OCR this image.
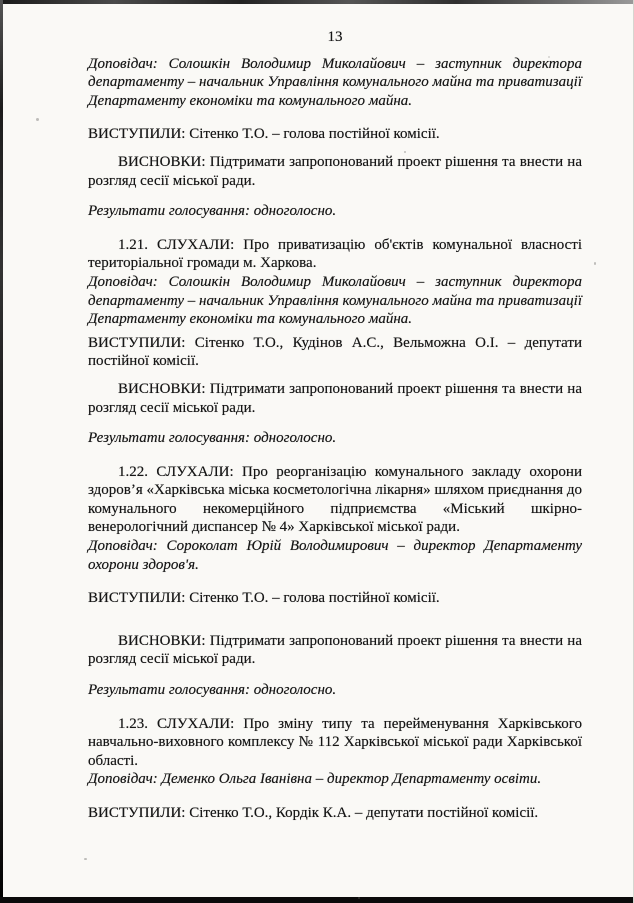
13

Доповідач: Солошкін Володимир Миколайович – заступник директора департаменту – начальник Управління комунального майна та приватизації Департаменту економіки та комунального майна.

ВИСТУПИЛИ: Сітенко Т.О. – голова постійної комісії.

ВИСНОВКИ: Підтримати запропонований проект рішення та внести на розгляд сесії міської ради.

Результати голосування: одноголосно.

1.21. СЛУХАЛИ: Про приватизацію об'єктів комунальної власності територіальної громади м. Харкова.

Доповідач: Солошкін Володимир Миколайович – заступник директора департаменту – начальник Управління комунального майна та приватизації Департаменту економіки та комунального майна.

ВИСТУПИЛИ: Сітенко Т.О., Кудінов А.С., Вельможна О.І. – депутати постійної комісії.

ВИСНОВКИ: Підтримати запропонований проект рішення та внести на розгляд сесії міської ради.

Результати голосування: одноголосно.

1.22. СЛУХАЛИ: Про реорганізацію комунального закладу охорони здоров’я «Харківська міська косметологічна лікарня» шляхом приєднання до комунального некомерційного підприємства «Міський шкірно-венерологічний диспансер № 4» Харківської міської ради.

Доповідач: Сороколат Юрій Володимирович – директор Департаменту охорони здоров'я.

ВИСТУПИЛИ: Сітенко Т.О. – голова постійної комісії.

ВИСНОВКИ: Підтримати запропонований проект рішення та внести на розгляд сесії міської ради.

Результати голосування: одноголосно.

1.23. СЛУХАЛИ: Про зміну типу та перейменування Харківського навчально-виховного комплексу № 112 Харківської міської ради Харківської області.

Доповідач: Деменко Ольга Іванівна – директор Департаменту освіти.

ВИСТУПИЛИ: Сітенко Т.О., Кордік К.А. – депутати постійної комісії.
